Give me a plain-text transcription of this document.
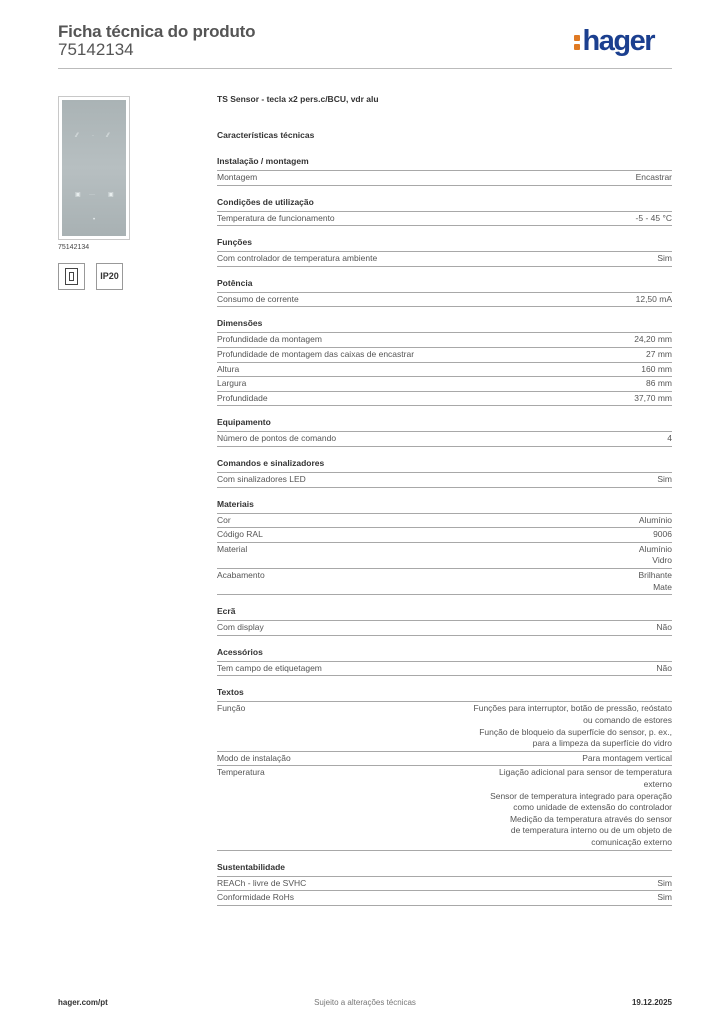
Ficha técnica do produto
75142134	hager
⁄⁄ · ⁄⁄
▣ ··· ▣
•
75142134
IP20
TS Sensor - tecla x2 pers.c/BCU, vdr alu
Características técnicas
Instalação / montagem
Montagem	Encastrar
Condições de utilização
Temperatura de funcionamento	-5 - 45 °C
Funções
Com controlador de temperatura ambiente	Sim
Potência
Consumo de corrente	12,50 mA
Dimensões
Profundidade da montagem	24,20 mm
Profundidade de montagem das caixas de encastrar	27 mm
Altura	160 mm
Largura	86 mm
Profundidade	37,70 mm
Equipamento
Número de pontos de comando	4
Comandos e sinalizadores
Com sinalizadores LED	Sim
Materiais
Cor	Alumínio
Código RAL	9006
Material	Alumínio
Vidro
Acabamento	Brilhante
Mate
Ecrã
Com display	Não
Acessórios
Tem campo de etiquetagem	Não
Textos
Função	Funções para interruptor, botão de pressão, reóstato
ou comando de estores
Função de bloqueio da superfície do sensor, p. ex.,
para a limpeza da superfície do vidro
Modo de instalação	Para montagem vertical
Temperatura	Ligação adicional para sensor de temperatura
externo
Sensor de temperatura integrado para operação
como unidade de extensão do controlador
Medição da temperatura através do sensor
de temperatura interno ou de um objeto de
comunicação externo
Sustentabilidade
REACh - livre de SVHC	Sim
Conformidade RoHs	Sim
Sujeito a alterações técnicas
hager.com/pt	19.12.2025
